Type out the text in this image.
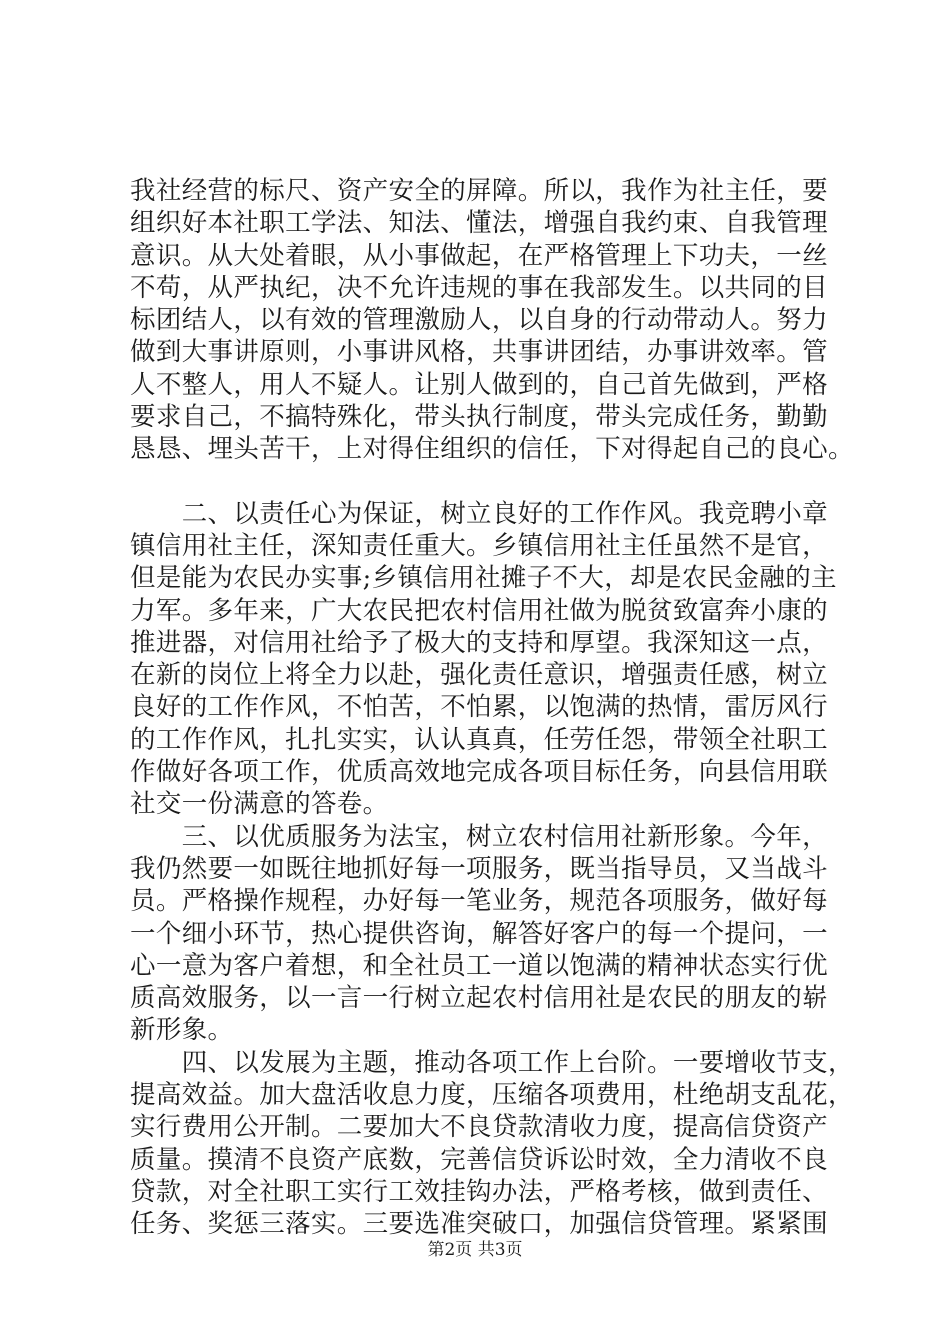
我社经营的标尺、资产安全的屏障。所以，我作为社主任，要
组织好本社职工学法、知法、懂法，增强自我约束、自我管理
意识。从大处着眼，从小事做起，在严格管理上下功夫，一丝
不苟，从严执纪，决不允许违规的事在我部发生。以共同的目
标团结人，以有效的管理激励人，以自身的行动带动人。努力
做到大事讲原则，小事讲风格，共事讲团结，办事讲效率。管
人不整人，用人不疑人。让别人做到的，自己首先做到，严格
要求自己，不搞特殊化，带头执行制度，带头完成任务，勤勤
恳恳、埋头苦干，上对得住组织的信任，下对得起自己的良心。
　　二、以责任心为保证，树立良好的工作作风。我竞聘小章
镇信用社主任，深知责任重大。乡镇信用社主任虽然不是官，
但是能为农民办实事;乡镇信用社摊子不大，却是农民金融的主
力军。多年来，广大农民把农村信用社做为脱贫致富奔小康的
推进器，对信用社给予了极大的支持和厚望。我深知这一点，
在新的岗位上将全力以赴，强化责任意识，增强责任感，树立
良好的工作作风，不怕苦，不怕累，以饱满的热情，雷厉风行
的工作作风，扎扎实实，认认真真，任劳任怨，带领全社职工
作做好各项工作，优质高效地完成各项目标任务，向县信用联
社交一份满意的答卷。
　　三、以优质服务为法宝，树立农村信用社新形象。今年，
我仍然要一如既往地抓好每一项服务，既当指导员，又当战斗
员。严格操作规程，办好每一笔业务，规范各项服务，做好每
一个细小环节，热心提供咨询，解答好客户的每一个提问，一
心一意为客户着想，和全社员工一道以饱满的精神状态实行优
质高效服务，以一言一行树立起农村信用社是农民的朋友的崭
新形象。
　　四、以发展为主题，推动各项工作上台阶。一要增收节支，
提高效益。加大盘活收息力度，压缩各项费用，杜绝胡支乱花，
实行费用公开制。二要加大不良贷款清收力度，提高信贷资产
质量。摸清不良资产底数，完善信贷诉讼时效，全力清收不良
贷款，对全社职工实行工效挂钩办法，严格考核，做到责任、
任务、奖惩三落实。三要选准突破口，加强信贷管理。紧紧围
第2页 共3页
